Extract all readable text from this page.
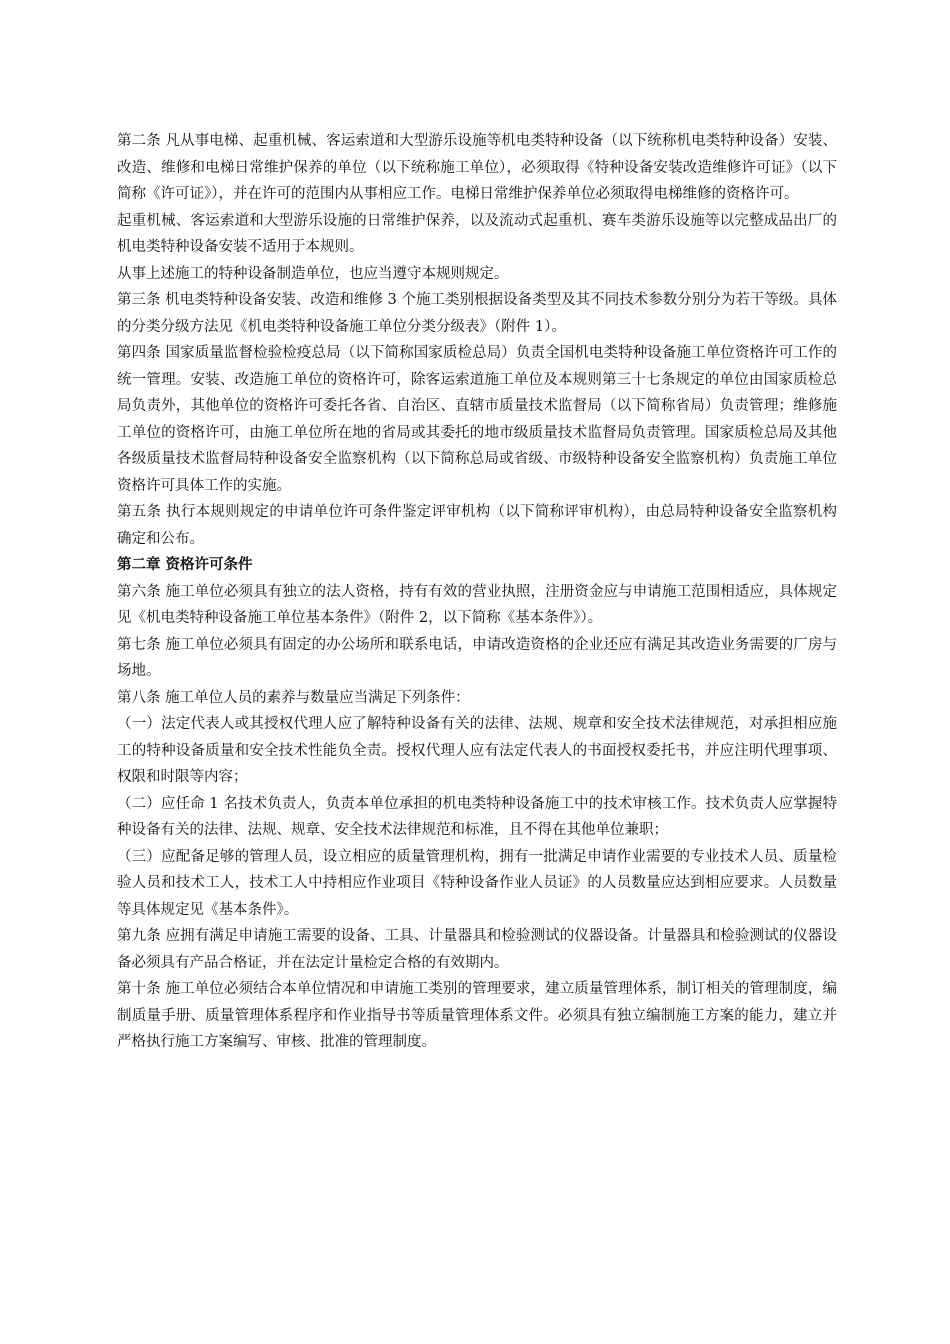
第二条 凡从事电梯、起重机械、客运索道和大型游乐设施等机电类特种设备（以下统称机电类特种设备）安装、改造、维修和电梯日常维护保养的单位（以下统称施工单位），必须取得《特种设备安装改造维修许可证》（以下简称《许可证》），并在许可的范围内从事相应工作。电梯日常维护保养单位必须取得电梯维修的资格许可。

起重机械、客运索道和大型游乐设施的日常维护保养，以及流动式起重机、赛车类游乐设施等以完整成品出厂的机电类特种设备安装不适用于本规则。

从事上述施工的特种设备制造单位，也应当遵守本规则规定。

第三条 机电类特种设备安装、改造和维修 3 个施工类别根据设备类型及其不同技术参数分别分为若干等级。具体的分类分级方法见《机电类特种设备施工单位分类分级表》（附件 1）。

第四条 国家质量监督检验检疫总局（以下简称国家质检总局）负责全国机电类特种设备施工单位资格许可工作的统一管理。安装、改造施工单位的资格许可，除客运索道施工单位及本规则第三十七条规定的单位由国家质检总局负责外，其他单位的资格许可委托各省、自治区、直辖市质量技术监督局（以下简称省局）负责管理；维修施工单位的资格许可，由施工单位所在地的省局或其委托的地市级质量技术监督局负责管理。国家质检总局及其他各级质量技术监督局特种设备安全监察机构（以下简称总局或省级、市级特种设备安全监察机构）负责施工单位资格许可具体工作的实施。

第五条 执行本规则规定的申请单位许可条件鉴定评审机构（以下简称评审机构），由总局特种设备安全监察机构确定和公布。

第二章 资格许可条件

第六条 施工单位必须具有独立的法人资格，持有有效的营业执照，注册资金应与申请施工范围相适应，具体规定见《机电类特种设备施工单位基本条件》（附件 2，以下简称《基本条件》）。

第七条 施工单位必须具有固定的办公场所和联系电话，申请改造资格的企业还应有满足其改造业务需要的厂房与场地。

第八条 施工单位人员的素养与数量应当满足下列条件：

（一）法定代表人或其授权代理人应了解特种设备有关的法律、法规、规章和安全技术法律规范，对承担相应施工的特种设备质量和安全技术性能负全责。授权代理人应有法定代表人的书面授权委托书，并应注明代理事项、权限和时限等内容；

（二）应任命 1 名技术负责人，负责本单位承担的机电类特种设备施工中的技术审核工作。技术负责人应掌握特种设备有关的法律、法规、规章、安全技术法律规范和标准，且不得在其他单位兼职；

（三）应配备足够的管理人员，设立相应的质量管理机构，拥有一批满足申请作业需要的专业技术人员、质量检验人员和技术工人，技术工人中持相应作业项目《特种设备作业人员证》的人员数量应达到相应要求。人员数量等具体规定见《基本条件》。

第九条 应拥有满足申请施工需要的设备、工具、计量器具和检验测试的仪器设备。计量器具和检验测试的仪器设备必须具有产品合格证，并在法定计量检定合格的有效期内。

第十条 施工单位必须结合本单位情况和申请施工类别的管理要求，建立质量管理体系，制订相关的管理制度，编制质量手册、质量管理体系程序和作业指导书等质量管理体系文件。必须具有独立编制施工方案的能力，建立并严格执行施工方案编写、审核、批准的管理制度。
